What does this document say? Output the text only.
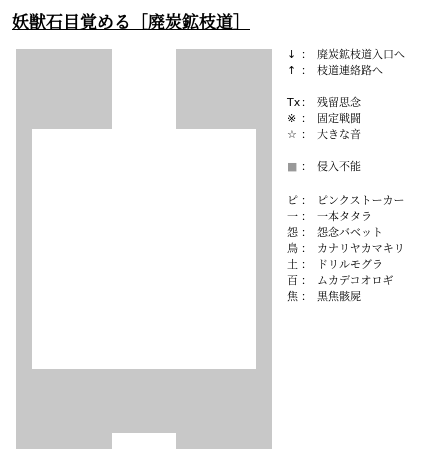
妖獣石目覚める［廃炭鉱枝道］
↓ ： 廃炭鉱枝道入口へ
↑ ： 枝道連絡路へ
Tx： 残留思念
※ ： 固定戦闘
☆ ： 大きな音
■ ： 侵入不能
ピ ： ピンクストーカー
一 ： 一本タタラ
怨 ： 怨念バベット
鳥 ： カナリヤカマキリ
土 ： ドリルモグラ
百 ： ムカデコオロギ
焦 ： 黒焦骸屍
